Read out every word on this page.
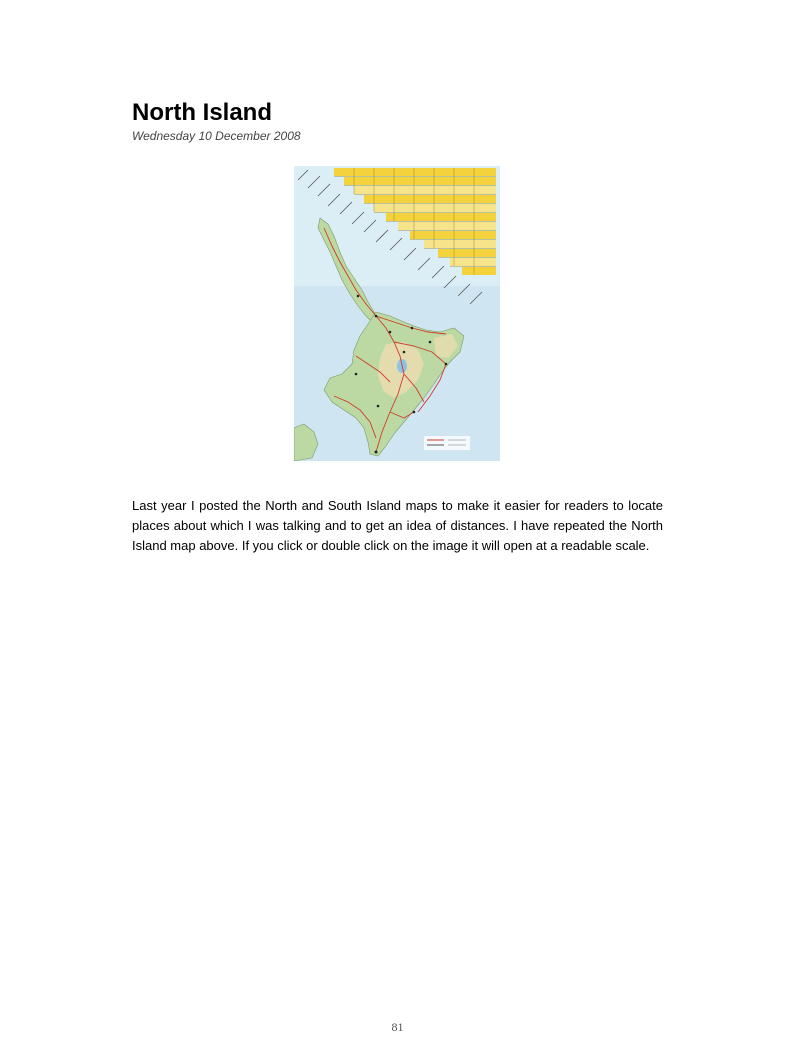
North Island
Wednesday 10 December 2008

Last year I posted the North and South Island maps to make it easier for readers to locate places about which I was talking and to get an idea of distances. I have repeated the North Island map above. If you click or double click on the image it will open at a readable scale.

81
